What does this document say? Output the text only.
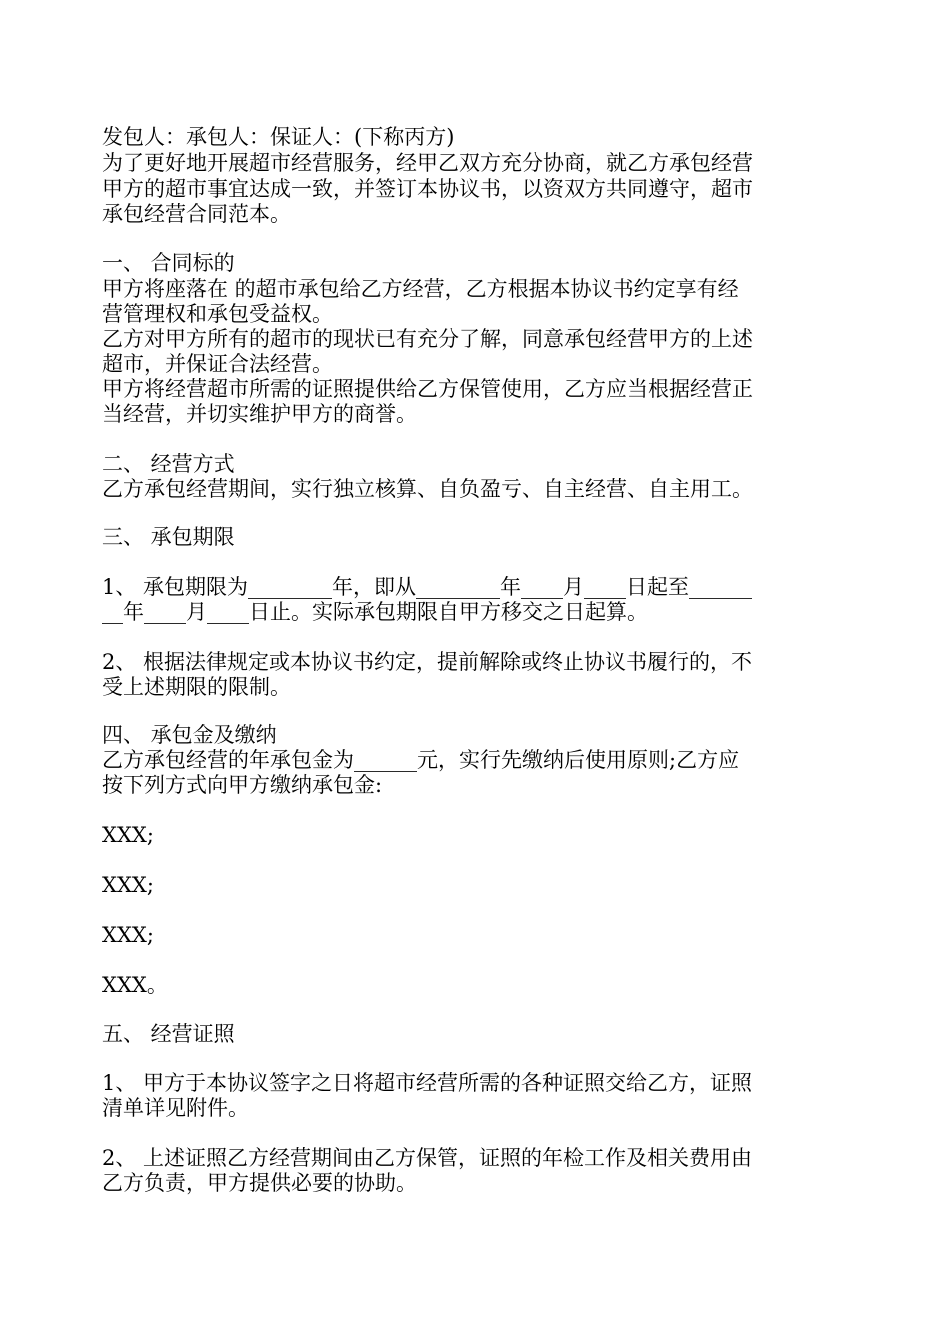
发包人：承包人：保证人：(下称丙方)
为了更好地开展超市经营服务，经甲乙双方充分协商，就乙方承包经营
甲方的超市事宜达成一致，并签订本协议书，以资双方共同遵守，超市
承包经营合同范本。
一、 合同标的
甲方将座落在 的超市承包给乙方经营，乙方根据本协议书约定享有经
营管理权和承包受益权。
乙方对甲方所有的超市的现状已有充分了解，同意承包经营甲方的上述
超市，并保证合法经营。
甲方将经营超市所需的证照提供给乙方保管使用，乙方应当根据经营正
当经营，并切实维护甲方的商誉。
二、 经营方式
乙方承包经营期间，实行独立核算、自负盈亏、自主经营、自主用工。
三、 承包期限
1、 承包期限为________年，即从________年____月____日起至______
__年____月____日止。实际承包期限自甲方移交之日起算。
2、 根据法律规定或本协议书约定，提前解除或终止协议书履行的，不
受上述期限的限制。
四、 承包金及缴纳
乙方承包经营的年承包金为______元，实行先缴纳后使用原则;乙方应
按下列方式向甲方缴纳承包金:
XXX;
XXX;
XXX;
XXX。
五、 经营证照
1、 甲方于本协议签字之日将超市经营所需的各种证照交给乙方，证照
清单详见附件。
2、 上述证照乙方经营期间由乙方保管，证照的年检工作及相关费用由
乙方负责，甲方提供必要的协助。
